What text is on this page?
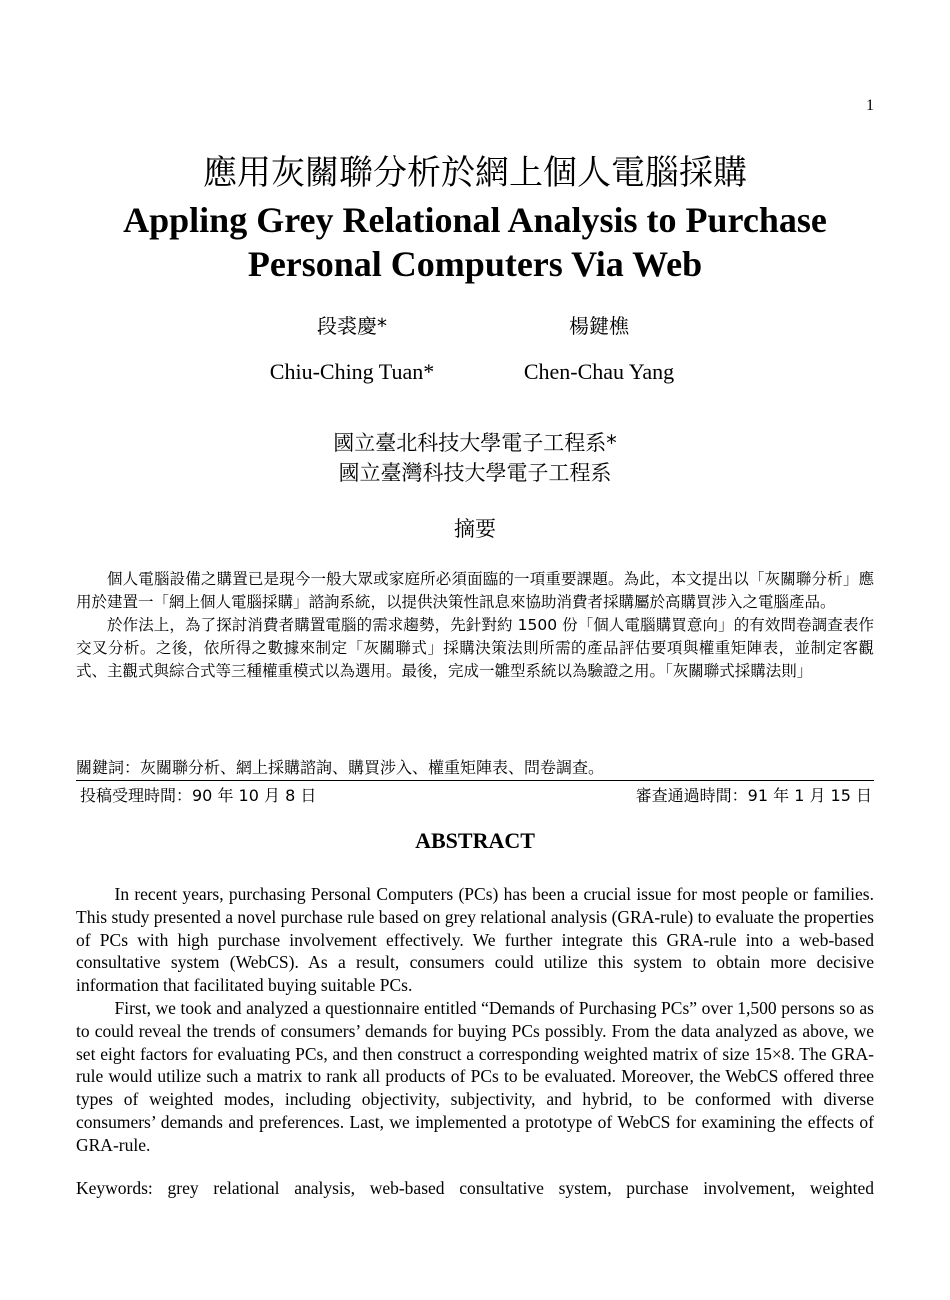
1
應用灰關聯分析於網上個人電腦採購
Appling Grey Relational Analysis to Purchase Personal Computers Via Web
段裘慶*
Chiu-Ching Tuan*
楊鍵樵
Chen-Chau Yang
國立臺北科技大學電子工程系*
國立臺灣科技大學電子工程系
摘要

個人電腦設備之購置已是現今一般大眾或家庭所必須面臨的一項重要課題。為此，本文提出以「灰關聯分析」應用於建置一「網上個人電腦採購」諮詢系統，以提供決策性訊息來協助消費者採購屬於高購買涉入之電腦產品。

於作法上，為了探討消費者購置電腦的需求趨勢，先針對約 1500 份「個人電腦購買意向」的有效問卷調查表作交叉分析。之後，依所得之數據來制定「灰關聯式」採購決策法則所需的產品評估要項與權重矩陣表，並制定客觀式、主觀式與綜合式等三種權重模式以為選用。最後，完成一雛型系統以為驗證之用。「灰關聯式採購法則」

關鍵詞：灰關聯分析、網上採購諮詢、購買涉入、權重矩陣表、問卷調查。
投稿受理時間：90 年 10 月 8 日	審查通過時間：91 年 1 月 15 日
ABSTRACT

In recent years, purchasing Personal Computers (PCs) has been a crucial issue for most people or families. This study presented a novel purchase rule based on grey relational analysis (GRA-rule) to evaluate the properties of PCs with high purchase involvement effectively. We further integrate this GRA-rule into a web-based consultative system (WebCS). As a result, consumers could utilize this system to obtain more decisive information that facilitated buying suitable PCs.

First, we took and analyzed a questionnaire entitled “Demands of Purchasing PCs” over 1,500 persons so as to could reveal the trends of consumers’ demands for buying PCs possibly. From the data analyzed as above, we set eight factors for evaluating PCs, and then construct a corresponding weighted matrix of size 15×8. The GRA-rule would utilize such a matrix to rank all products of PCs to be evaluated. Moreover, the WebCS offered three types of weighted modes, including objectivity, subjectivity, and hybrid, to be conformed with diverse consumers’ demands and preferences. Last, we implemented a prototype of WebCS for examining the effects of GRA-rule.

Keywords: grey relational analysis, web-based consultative system, purchase involvement, weighted
